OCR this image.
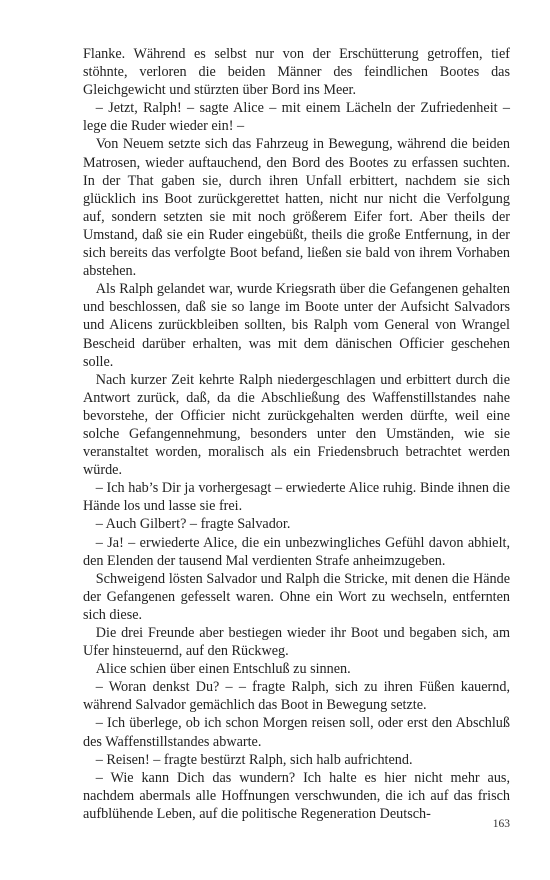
Flanke. Während es selbst nur von der Erschütterung getroffen, tief stöhnte, verloren die beiden Männer des feindlichen Bootes das Gleichgewicht und stürzten über Bord ins Meer.

– Jetzt, Ralph! – sagte Alice – mit einem Lächeln der Zufriedenheit – lege die Ruder wieder ein! –

Von Neuem setzte sich das Fahrzeug in Bewegung, während die beiden Matrosen, wieder auftauchend, den Bord des Bootes zu erfassen suchten. In der That gaben sie, durch ihren Unfall erbittert, nachdem sie sich glücklich ins Boot zurückgerettet hatten, nicht nur nicht die Verfolgung auf, sondern setzten sie mit noch größerem Eifer fort. Aber theils der Umstand, daß sie ein Ruder eingebüßt, theils die große Entfernung, in der sich bereits das verfolgte Boot befand, ließen sie bald von ihrem Vorhaben abstehen.

Als Ralph gelandet war, wurde Kriegsrath über die Gefangenen gehalten und beschlossen, daß sie so lange im Boote unter der Aufsicht Salvadors und Alicens zurückbleiben sollten, bis Ralph vom General von Wrangel Bescheid darüber erhalten, was mit dem dänischen Officier geschehen solle.

Nach kurzer Zeit kehrte Ralph niedergeschlagen und erbittert durch die Antwort zurück, daß, da die Abschließung des Waffenstillstandes nahe bevorstehe, der Officier nicht zurückgehalten werden dürfte, weil eine solche Gefangennehmung, besonders unter den Umständen, wie sie veranstaltet worden, moralisch als ein Friedensbruch betrachtet werden würde.

– Ich hab’s Dir ja vorhergesagt – erwiederte Alice ruhig. Binde ihnen die Hände los und lasse sie frei.

– Auch Gilbert? – fragte Salvador.

– Ja! – erwiederte Alice, die ein unbezwingliches Gefühl davon abhielt, den Elenden der tausend Mal verdienten Strafe anheimzugeben.

Schweigend lösten Salvador und Ralph die Stricke, mit denen die Hände der Gefangenen gefesselt waren. Ohne ein Wort zu wechseln, entfernten sich diese.

Die drei Freunde aber bestiegen wieder ihr Boot und begaben sich, am Ufer hinsteuernd, auf den Rückweg.

Alice schien über einen Entschluß zu sinnen.

– Woran denkst Du? – – fragte Ralph, sich zu ihren Füßen kauernd, während Salvador gemächlich das Boot in Bewegung setzte.

– Ich überlege, ob ich schon Morgen reisen soll, oder erst den Abschluß des Waffenstillstandes abwarte.

– Reisen! – fragte bestürzt Ralph, sich halb aufrichtend.

– Wie kann Dich das wundern? Ich halte es hier nicht mehr aus, nachdem abermals alle Hoffnungen verschwunden, die ich auf das frisch aufblühende Leben, auf die politische Regeneration Deutsch-

163
